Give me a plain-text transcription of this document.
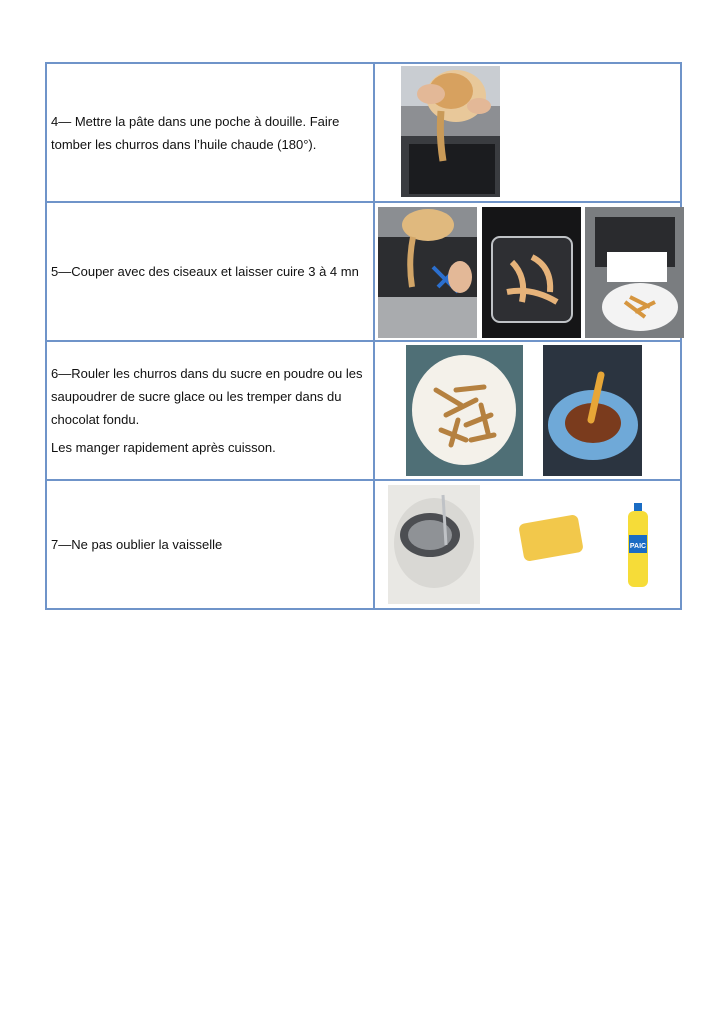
4— Mettre la pâte dans une poche à douille. Faire tomber les churros dans l’huile chaude (180°).

5—Couper avec des ciseaux et laisser cuire 3 à 4 mn

6—Rouler les churros dans du sucre en poudre ou les saupoudrer de sucre glace ou les tremper dans du chocolat fondu.

Les manger rapidement après cuisson.

7—Ne pas oublier la vaisselle	PAIC
